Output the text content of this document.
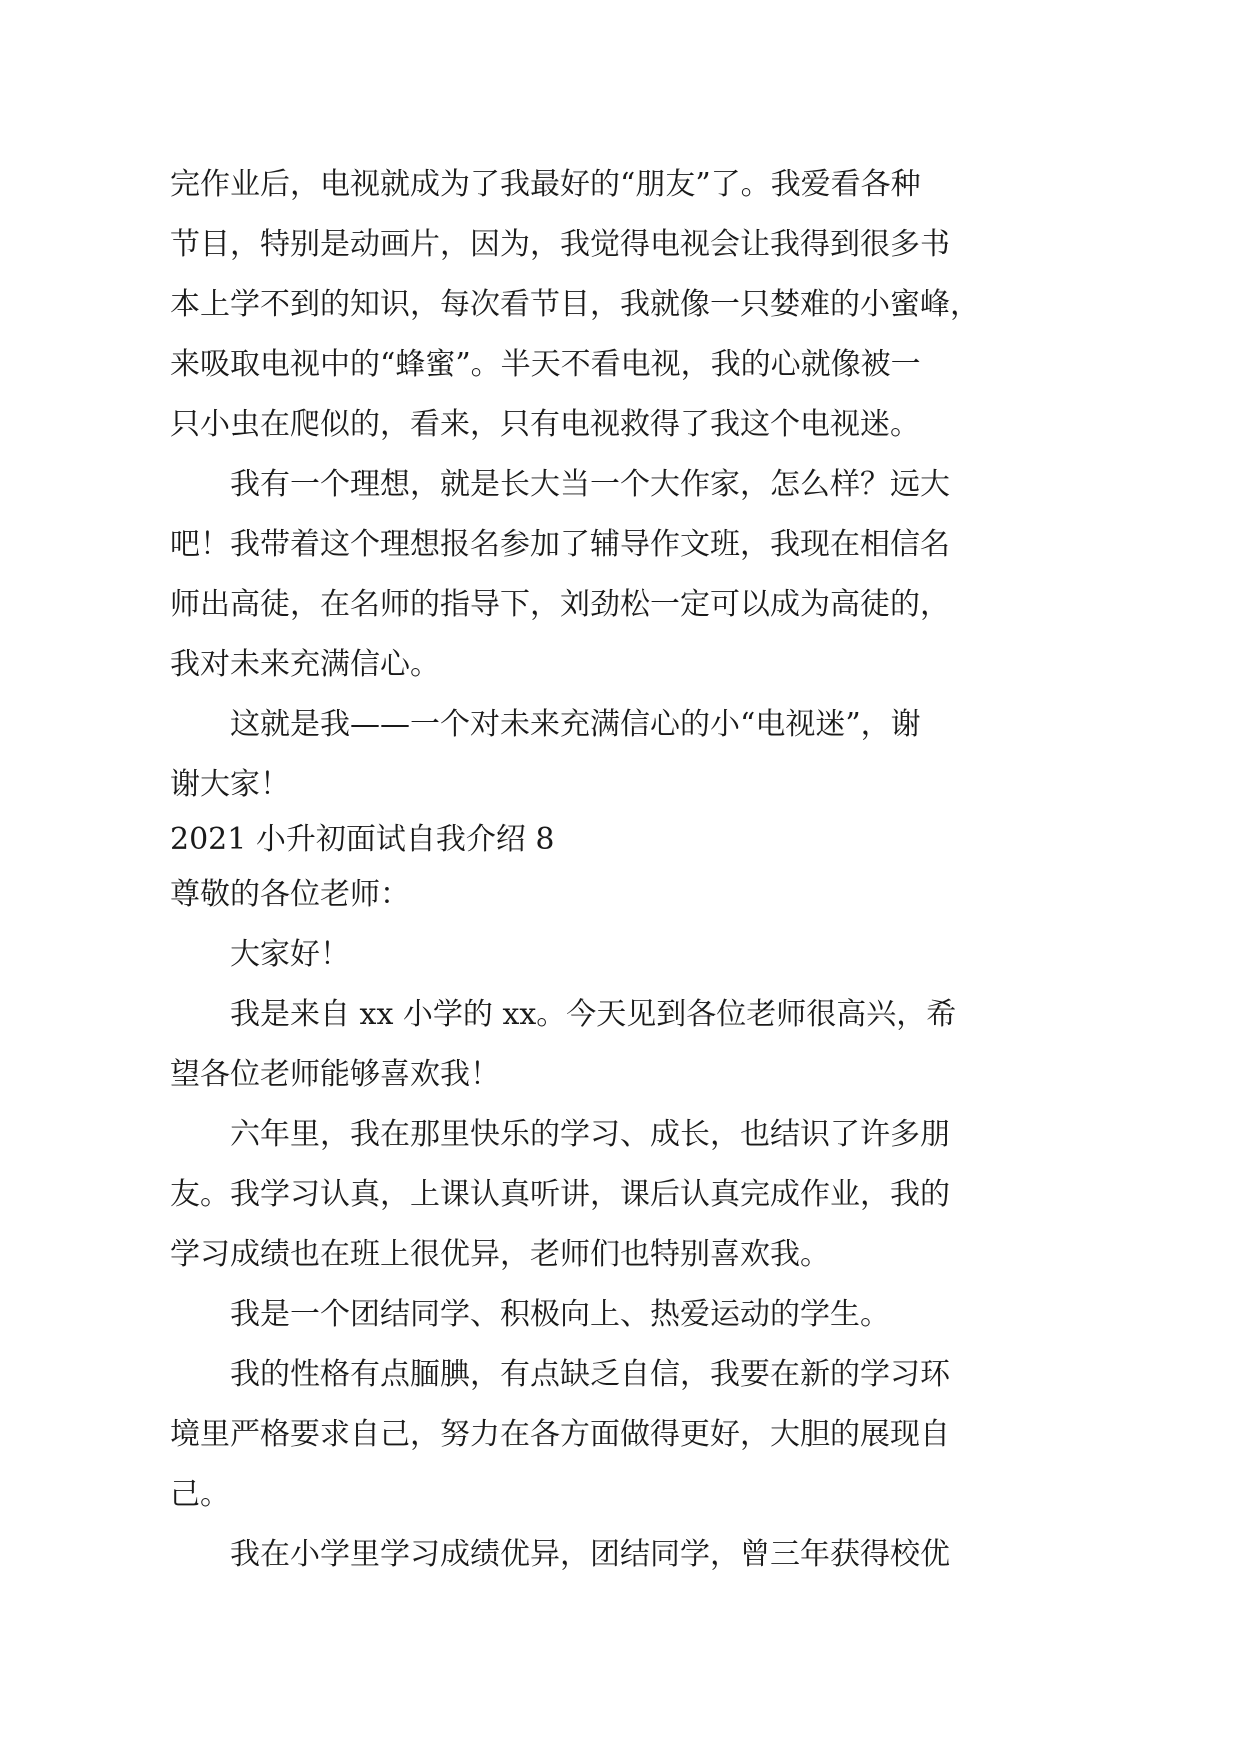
完作业后，电视就成为了我最好的“朋友”了。我爱看各种
节目，特别是动画片，因为，我觉得电视会让我得到很多书
本上学不到的知识，每次看节目，我就像一只婪难的小蜜峰，
来吸取电视中的“蜂蜜”。半天不看电视，我的心就像被一
只小虫在爬似的，看来，只有电视救得了我这个电视迷。
我有一个理想，就是长大当一个大作家，怎么样？远大
吧！我带着这个理想报名参加了辅导作文班，我现在相信名
师出高徒，在名师的指导下，刘劲松一定可以成为高徒的，
我对未来充满信心。
这就是我——一个对未来充满信心的小“电视迷”，谢
谢大家！
2021 小升初面试自我介绍 8
尊敬的各位老师：
大家好！
我是来自 xx 小学的 xx。今天见到各位老师很高兴，希
望各位老师能够喜欢我！
六年里，我在那里快乐的学习、成长，也结识了许多朋
友。我学习认真，上课认真听讲，课后认真完成作业，我的
学习成绩也在班上很优异，老师们也特别喜欢我。
我是一个团结同学、积极向上、热爱运动的学生。
我的性格有点腼腆，有点缺乏自信，我要在新的学习环
境里严格要求自己，努力在各方面做得更好，大胆的展现自
己。
我在小学里学习成绩优异，团结同学，曾三年获得校优
